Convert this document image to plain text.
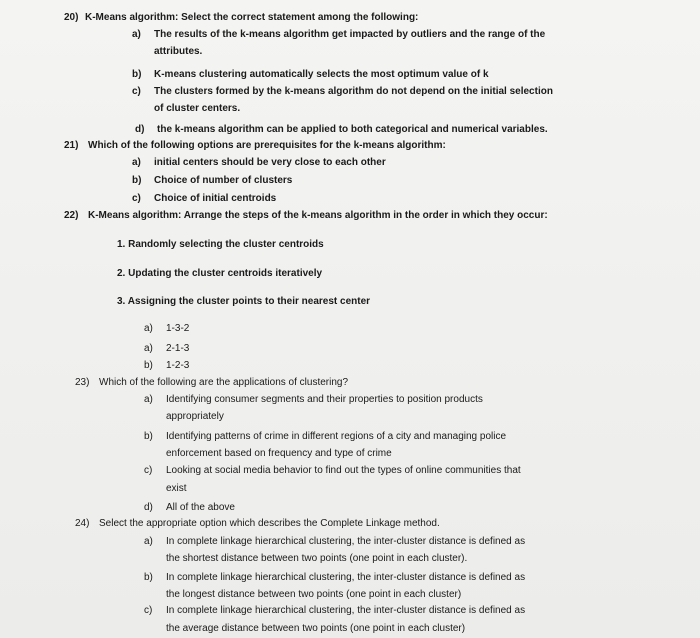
20) K-Means algorithm: Select the correct statement among the following:
a) The results of the k-means algorithm get impacted by outliers and the range of the
attributes.
b) K-means clustering automatically selects the most optimum value of k
c) The clusters formed by the k-means algorithm do not depend on the initial selection
of cluster centers.
d) the k-means algorithm can be applied to both categorical and numerical variables.
21) Which of the following options are prerequisites for the k-means algorithm:
a) initial centers should be very close to each other
b) Choice of number of clusters
c) Choice of initial centroids
22) K-Means algorithm: Arrange the steps of the k-means algorithm in the order in which they occur:
1. Randomly selecting the cluster centroids
2. Updating the cluster centroids iteratively
3. Assigning the cluster points to their nearest center
a) 1-3-2
a) 2-1-3
b) 1-2-3
23) Which of the following are the applications of clustering?
a) Identifying consumer segments and their properties to position products
appropriately
b) Identifying patterns of crime in different regions of a city and managing police
enforcement based on frequency and type of crime
c) Looking at social media behavior to find out the types of online communities that
exist
d) All of the above
24) Select the appropriate option which describes the Complete Linkage method.
a) In complete linkage hierarchical clustering, the inter-cluster distance is defined as
the shortest distance between two points (one point in each cluster).
b) In complete linkage hierarchical clustering, the inter-cluster distance is defined as
the longest distance between two points (one point in each cluster)
c) In complete linkage hierarchical clustering, the inter-cluster distance is defined as
the average distance between two points (one point in each cluster)
